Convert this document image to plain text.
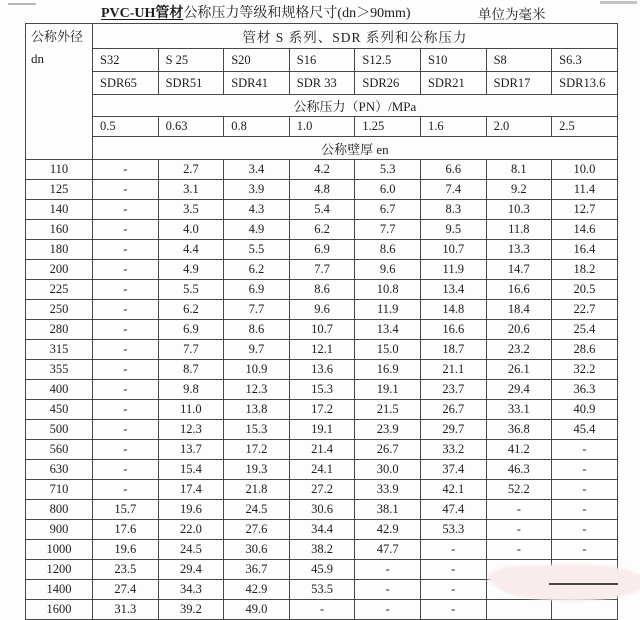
PVC-UH管材公称压力等级和规格尺寸(dn＞90mm)	单位为毫米
公称外径
dn	管材 S 系列、SDR 系列和公称压力							
	S32	S 25	S20	S16	S12.5	S10	S8	S6.3
	SDR65	SDR51	SDR41	SDR 33	SDR26	SDR21	SDR17	SDR13.6
	公称压力（PN）/MPa							
	0.5	0.63	0.8	1.0	1.25	1.6	2.0	2.5
	公称壁厚 en							
110	-	2.7	3.4	4.2	5.3	6.6	8.1	10.0
125	-	3.1	3.9	4.8	6.0	7.4	9.2	11.4
140	-	3.5	4.3	5.4	6.7	8.3	10.3	12.7
160	-	4.0	4.9	6.2	7.7	9.5	11.8	14.6
180	-	4.4	5.5	6.9	8.6	10.7	13.3	16.4
200	-	4.9	6.2	7.7	9.6	11.9	14.7	18.2
225	-	5.5	6.9	8.6	10.8	13.4	16.6	20.5
250	-	6.2	7.7	9.6	11.9	14.8	18.4	22.7
280	-	6.9	8.6	10.7	13.4	16.6	20.6	25.4
315	-	7.7	9.7	12.1	15.0	18.7	23.2	28.6
355	-	8.7	10.9	13.6	16.9	21.1	26.1	32.2
400	-	9.8	12.3	15.3	19.1	23.7	29.4	36.3
450	-	11.0	13.8	17.2	21.5	26.7	33.1	40.9
500	-	12.3	15.3	19.1	23.9	29.7	36.8	45.4
560	-	13.7	17.2	21.4	26.7	33.2	41.2	-
630	-	15.4	19.3	24.1	30.0	37.4	46.3	-
710	-	17.4	21.8	27.2	33.9	42.1	52.2	-
800	15.7	19.6	24.5	30.6	38.1	47.4	-	-
900	17.6	22.0	27.6	34.4	42.9	53.3	-	-
1000	19.6	24.5	30.6	38.2	47.7	-	-	-
1200	23.5	29.4	36.7	45.9	-	-		
1400	27.4	34.3	42.9	53.5	-	-		
1600	31.3	39.2	49.0	-	-	-		
